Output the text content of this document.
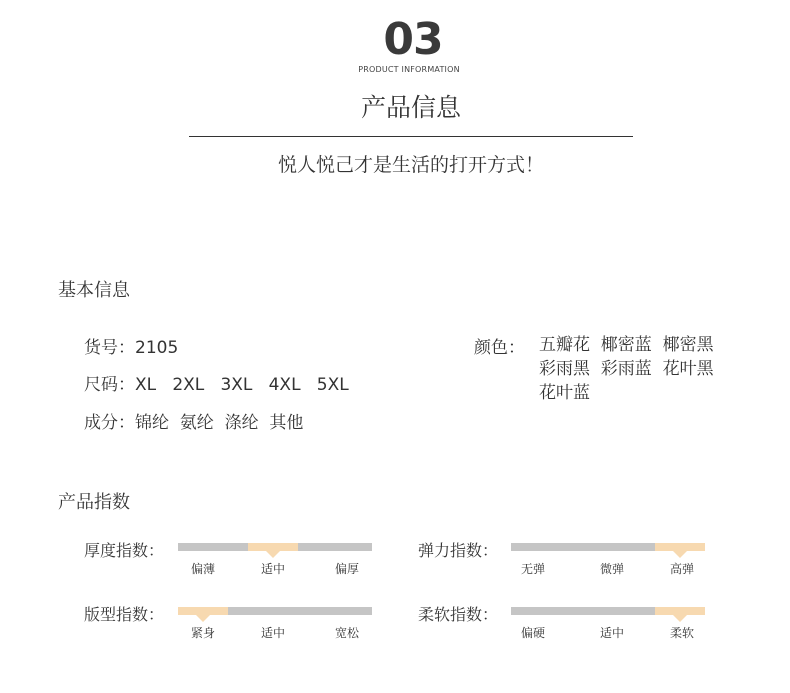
03
PRODUCT INFORMATION
产品信息
悦人悦己才是生活的打开方式！
基本信息
货号：2105
尺码：XL   2XL   3XL   4XL   5XL
成分：锦纶  氨纶  涤纶  其他
颜色： 五瓣花  椰密蓝  椰密黑
彩雨黑  彩雨蓝  花叶黑
花叶蓝
产品指数
厚度指数：
偏薄	适中	偏厚
弹力指数：
无弹	微弹	高弹
版型指数：
紧身	适中	宽松
柔软指数：
偏硬	适中	柔软
